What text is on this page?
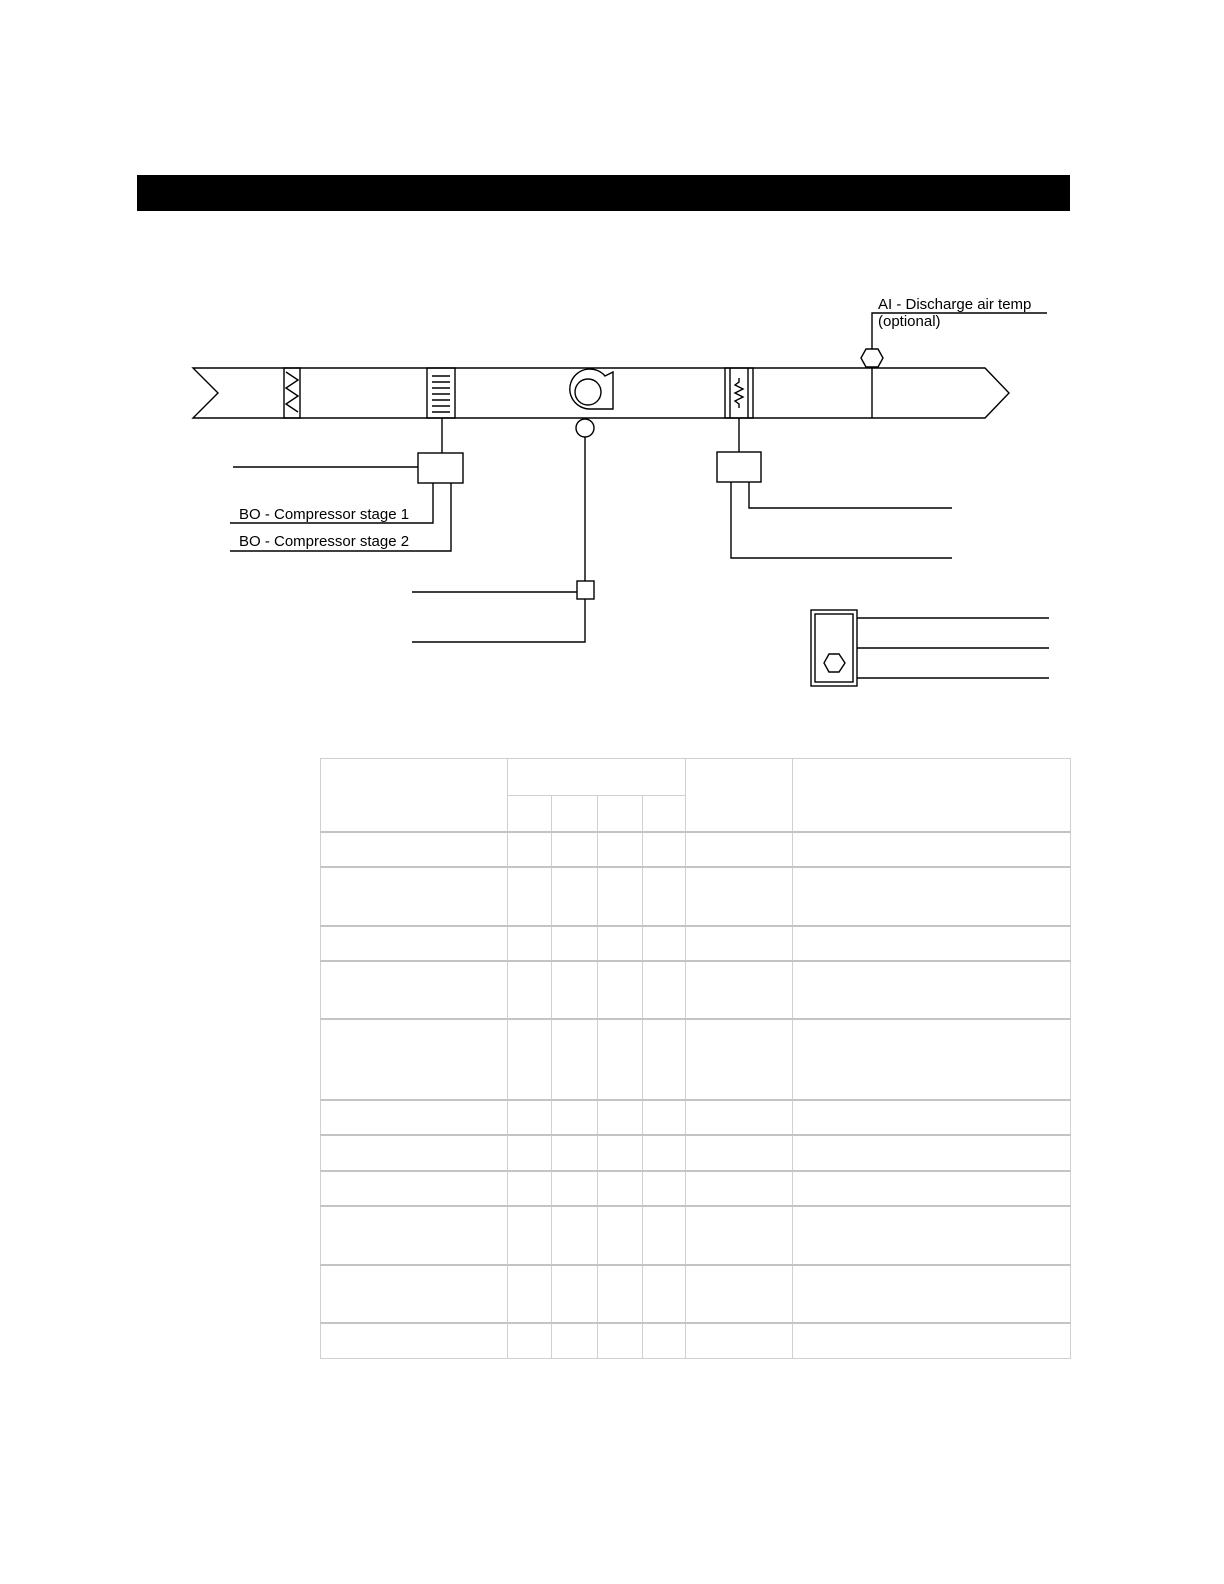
AI - Discharge air temp
(optional)
BO - Compressor stage 1
BO - Compressor stage 2
